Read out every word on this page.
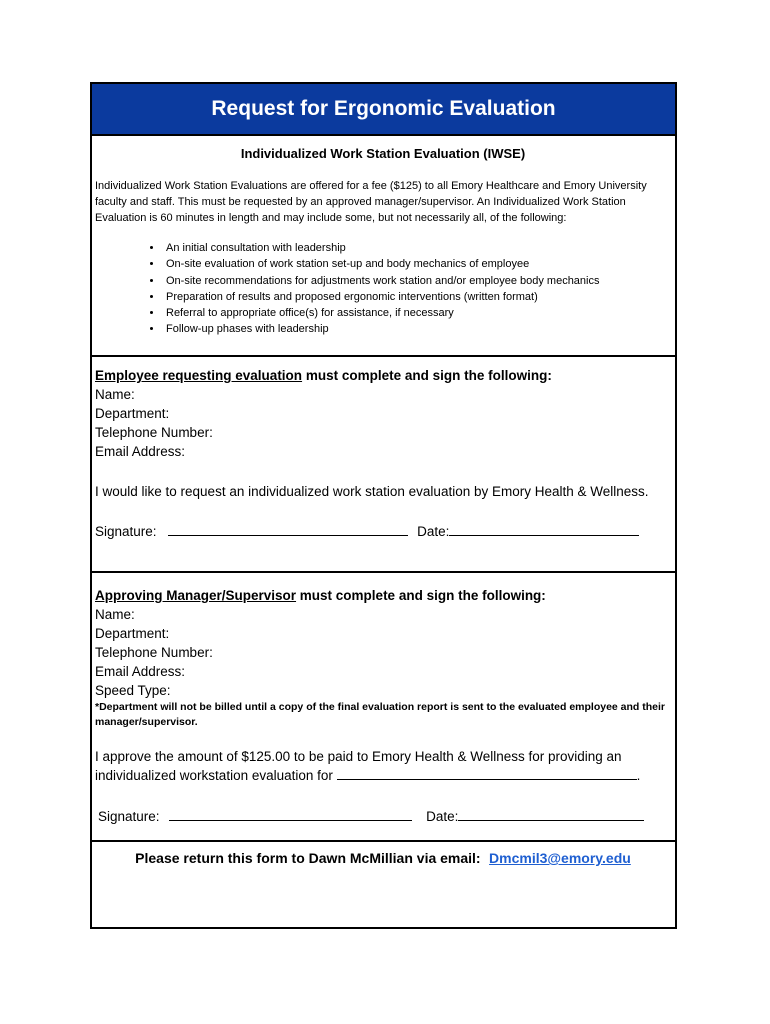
Request for Ergonomic Evaluation
Individualized Work Station Evaluation (IWSE)

Individualized Work Station Evaluations are offered for a fee ($125) to all Emory Healthcare and Emory University faculty and staff. This must be requested by an approved manager/supervisor. An Individualized Work Station Evaluation is 60 minutes in length and may include some, but not necessarily all, of the following:

• An initial consultation with leadership
• On-site evaluation of work station set-up and body mechanics of employee
• On-site recommendations for adjustments work station and/or employee body mechanics
• Preparation of results and proposed ergonomic interventions (written format)
• Referral to appropriate office(s) for assistance, if necessary
• Follow-up phases with leadership
Employee requesting evaluation must complete and sign the following:
Name:
Department:
Telephone Number:
Email Address:
I would like to request an individualized work station evaluation by Emory Health & Wellness.
Signature:	Date:
Approving Manager/Supervisor must complete and sign the following:
Name:
Department:
Telephone Number:
Email Address:
Speed Type:
*Department will not be billed until a copy of the final evaluation report is sent to the evaluated employee and their manager/supervisor.
I approve the amount of $125.00 to be paid to Emory Health & Wellness for providing an
individualized workstation evaluation for	.
Signature:	Date:
Please return this form to Dawn McMillian via email: Dmcmil3@emory.edu
